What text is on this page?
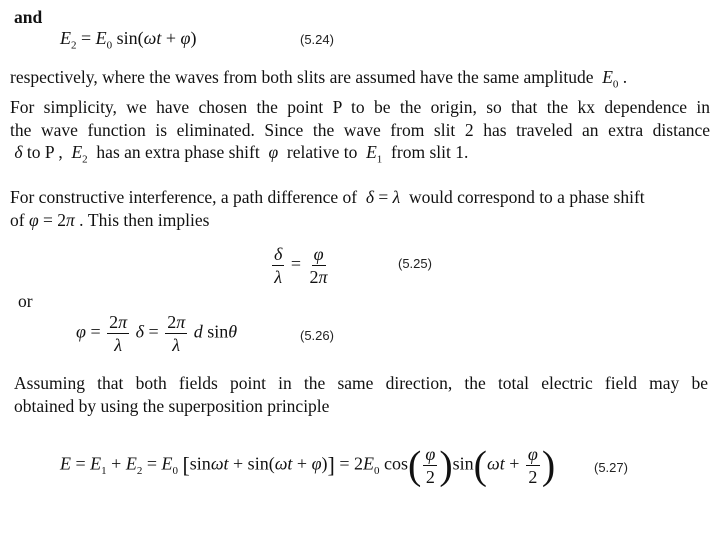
and
$E_2 = E_0$ sin(ωt + φ)	(5.24)
respectively, where the waves from both slits are assumed have the same amplitude $E_0$ .
For simplicity, we have chosen the point P to be the origin, so that the kx dependence in
the wave function is eliminated. Since the wave from slit 2 has traveled an extra distance
δ to P , $E_2$ has an extra phase shift φ relative to $E_1$ from slit 1.
For constructive interference, a path difference of δ = λ would correspond to a phase shift
of φ = 2π . This then implies
$\frac{\delta}{\lambda} = \frac{\varphi}{2\pi}$	(5.25)
or
$\varphi = \frac{2\pi}{\lambda}$ $\delta = \frac{2\pi}{\lambda}$ d sinθ	(5.26)
Assuming that both fields point in the same direction, the total electric field may be
obtained by using the superposition principle
$E = E_1 + E_2 = E_0$ $[\sin\omega t + \sin(\omega t + \varphi)] = 2E_0$ $\cos( \frac{\varphi}{2} )\sin(\omega t + \frac{\varphi}{2}$ )	(5.27)
